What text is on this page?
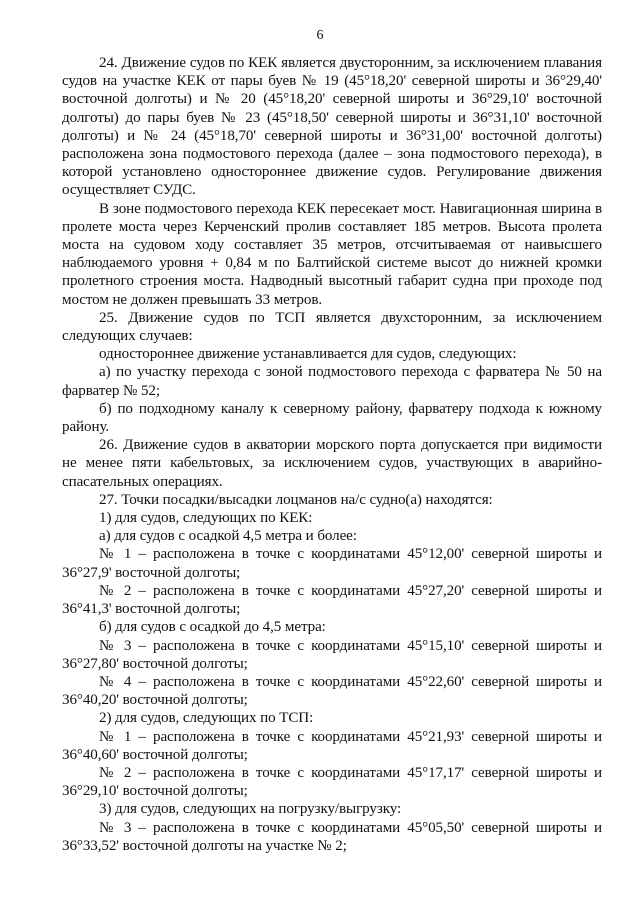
6

24. Движение судов по КЕК является двусторонним, за исключением плавания судов на участке КЕК от пары буев № 19 (45°18,20' северной широты и 36°29,40' восточной долготы) и № 20 (45°18,20' северной широты и 36°29,10' восточной долготы) до пары буев № 23 (45°18,50' северной широты и 36°31,10' восточной долготы) и № 24 (45°18,70' северной широты и 36°31,00' восточной долготы) расположена зона подмостового перехода (далее – зона подмостового перехода), в которой установлено одностороннее движение судов. Регулирование движения осуществляет СУДС.

В зоне подмостового перехода КЕК пересекает мост. Навигационная ширина в пролете моста через Керченский пролив составляет 185 метров. Высота пролета моста на судовом ходу составляет 35 метров, отсчитываемая от наивысшего наблюдаемого уровня + 0,84 м по Балтийской системе высот до нижней кромки пролетного строения моста. Надводный высотный габарит судна при проходе под мостом не должен превышать 33 метров.

25. Движение судов по ТСП является двухсторонним, за исключением следующих случаев:

одностороннее движение устанавливается для судов, следующих:

а) по участку перехода с зоной подмостового перехода с фарватера № 50 на фарватер № 52;

б) по подходному каналу к северному району, фарватеру подхода к южному району.

26. Движение судов в акватории морского порта допускается при видимости не менее пяти кабельтовых, за исключением судов, участвующих в аварийно-спасательных операциях.

27. Точки посадки/высадки лоцманов на/с судно(а) находятся:

1) для судов, следующих по КЕК:

а) для судов с осадкой 4,5 метра и более:

№ 1 – расположена в точке с координатами 45°12,00' северной широты и 36°27,9' восточной долготы;

№ 2 – расположена в точке с координатами 45°27,20' северной широты и 36°41,3' восточной долготы;

б) для судов с осадкой до 4,5 метра:

№ 3 – расположена в точке с координатами 45°15,10' северной широты и 36°27,80' восточной долготы;

№ 4 – расположена в точке с координатами 45°22,60' северной широты и 36°40,20' восточной долготы;

2) для судов, следующих по ТСП:

№ 1 – расположена в точке с координатами 45°21,93' северной широты и 36°40,60' восточной долготы;

№ 2 – расположена в точке с координатами 45°17,17' северной широты и 36°29,10' восточной долготы;

3) для судов, следующих на погрузку/выгрузку:

№ 3 – расположена в точке с координатами 45°05,50' северной широты и 36°33,52' восточной долготы на участке № 2;
